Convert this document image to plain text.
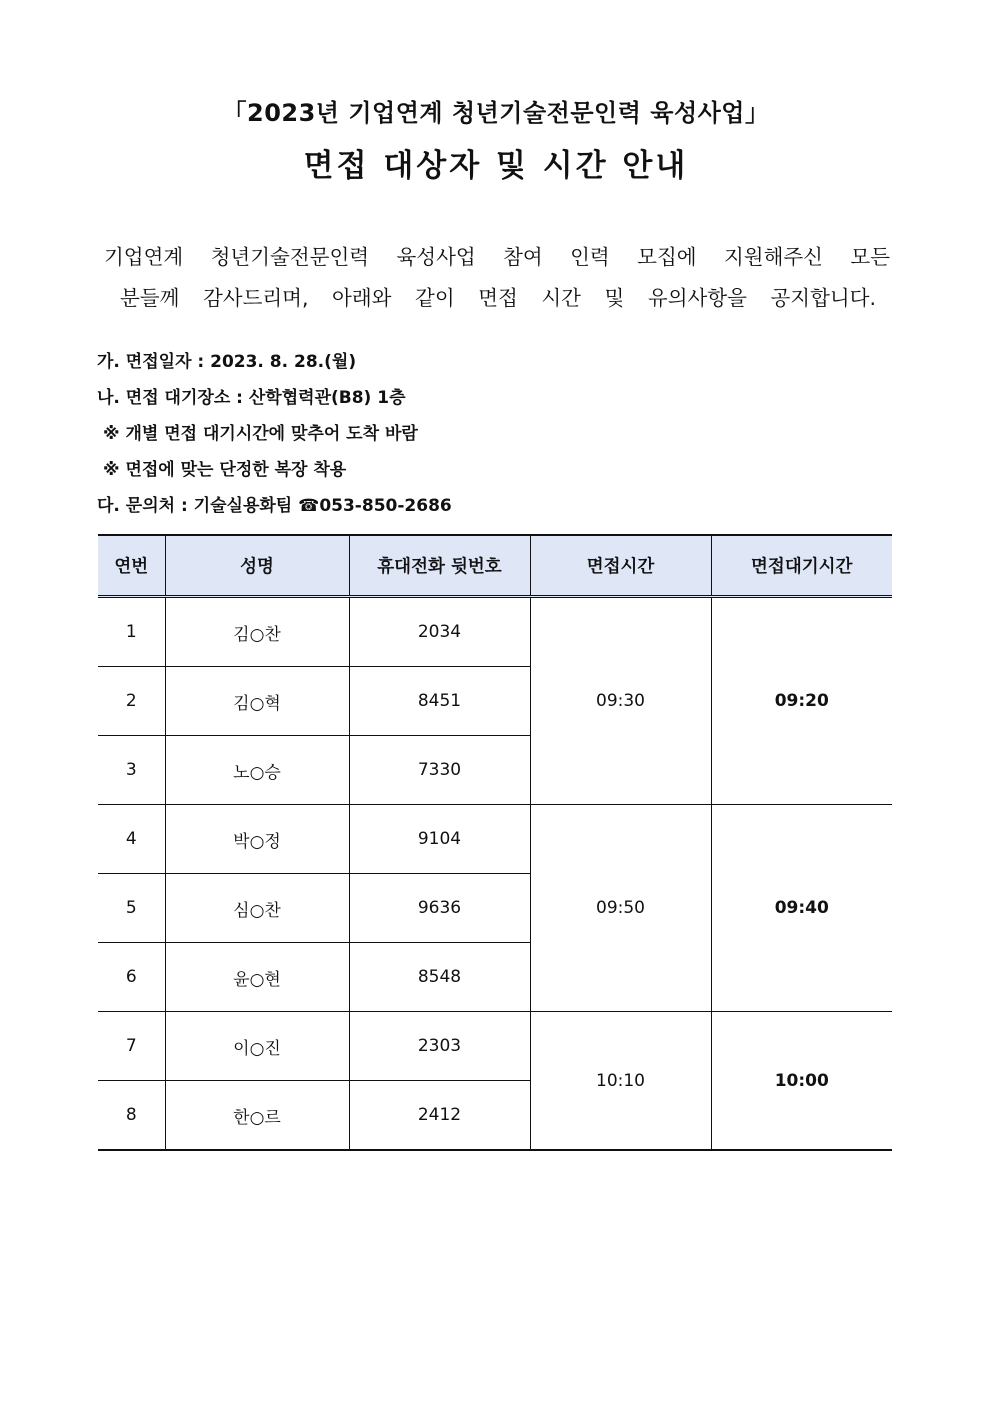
「2023년 기업연계 청년기술전문인력 육성사업」
면접 대상자 및 시간 안내
기업연계 청년기술전문인력 육성사업 참여 인력 모집에 지원해주신 모든
분들께 감사드리며, 아래와 같이 면접 시간 및 유의사항을 공지합니다.
가. 면접일자 : 2023. 8. 28.(월)
나. 면접 대기장소 : 산학협력관(B8) 1층
※ 개별 면접 대기시간에 맞추어 도착 바람
※ 면접에 맞는 단정한 복장 착용
다. 문의처 : 기술실용화팀 ☎053-850-2686
연번	성명	휴대전화 뒷번호	면접시간	면접대기시간
1	김○찬	2034	09:30	09:20
2	김○혁	8451		
3	노○승	7330		
4	박○정	9104	09:50	09:40
5	심○찬	9636		
6	윤○현	8548		
7	이○진	2303	10:10	10:00
8	한○르	2412		
